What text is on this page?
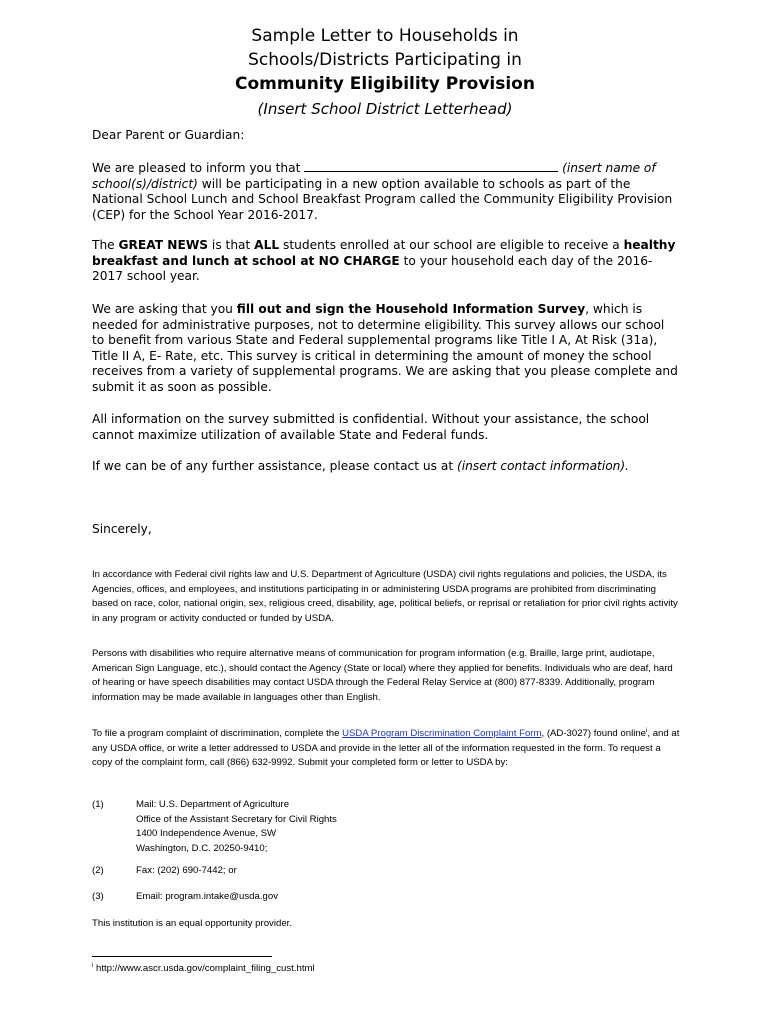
Sample Letter to Households in
Schools/Districts Participating in
Community Eligibility Provision
(Insert School District Letterhead)

Dear Parent or Guardian:

We are pleased to inform you that	(insert name of school(s)/district) will be participating in a new option available to schools as part of the National School Lunch and School Breakfast Program called the Community Eligibility Provision (CEP) for the School Year 2016-2017.

The GREAT NEWS is that ALL students enrolled at our school are eligible to receive a healthy breakfast and lunch at school at NO CHARGE to your household each day of the 2016-2017 school year.

We are asking that you fill out and sign the Household Information Survey, which is needed for administrative purposes, not to determine eligibility. This survey allows our school to benefit from various State and Federal supplemental programs like Title I A, At Risk (31a), Title II A, E- Rate, etc. This survey is critical in determining the amount of money the school receives from a variety of supplemental programs. We are asking that you please complete and submit it as soon as possible.

All information on the survey submitted is confidential. Without your assistance, the school cannot maximize utilization of available State and Federal funds.

If we can be of any further assistance, please contact us at (insert contact information).

Sincerely,

In accordance with Federal civil rights law and U.S. Department of Agriculture (USDA) civil rights regulations and policies, the USDA, its Agencies, offices, and employees, and institutions participating in or administering USDA programs are prohibited from discriminating based on race, color, national origin, sex, religious creed, disability, age, political beliefs, or reprisal or retaliation for prior civil rights activity in any program or activity conducted or funded by USDA.

Persons with disabilities who require alternative means of communication for program information (e.g. Braille, large print, audiotape, American Sign Language, etc.), should contact the Agency (State or local) where they applied for benefits. Individuals who are deaf, hard of hearing or have speech disabilities may contact USDA through the Federal Relay Service at (800) 877-8339. Additionally, program information may be made available in languages other than English.

To file a program complaint of discrimination, complete the USDA Program Discrimination Complaint Form, (AD-3027) found online$^i$, and at any USDA office, or write a letter addressed to USDA and provide in the letter all of the information requested in the form. To request a copy of the complaint form, call (866) 632-9992. Submit your completed form or letter to USDA by:

(1)	Mail: U.S. Department of Agriculture
Office of the Assistant Secretary for Civil Rights
1400 Independence Avenue, SW
Washington, D.C. 20250-9410;
(2)	Fax: (202) 690-7442; or
(3)	Email: program.intake@usda.gov

This institution is an equal opportunity provider.

$^i$ http://www.ascr.usda.gov/complaint_filing_cust.html
